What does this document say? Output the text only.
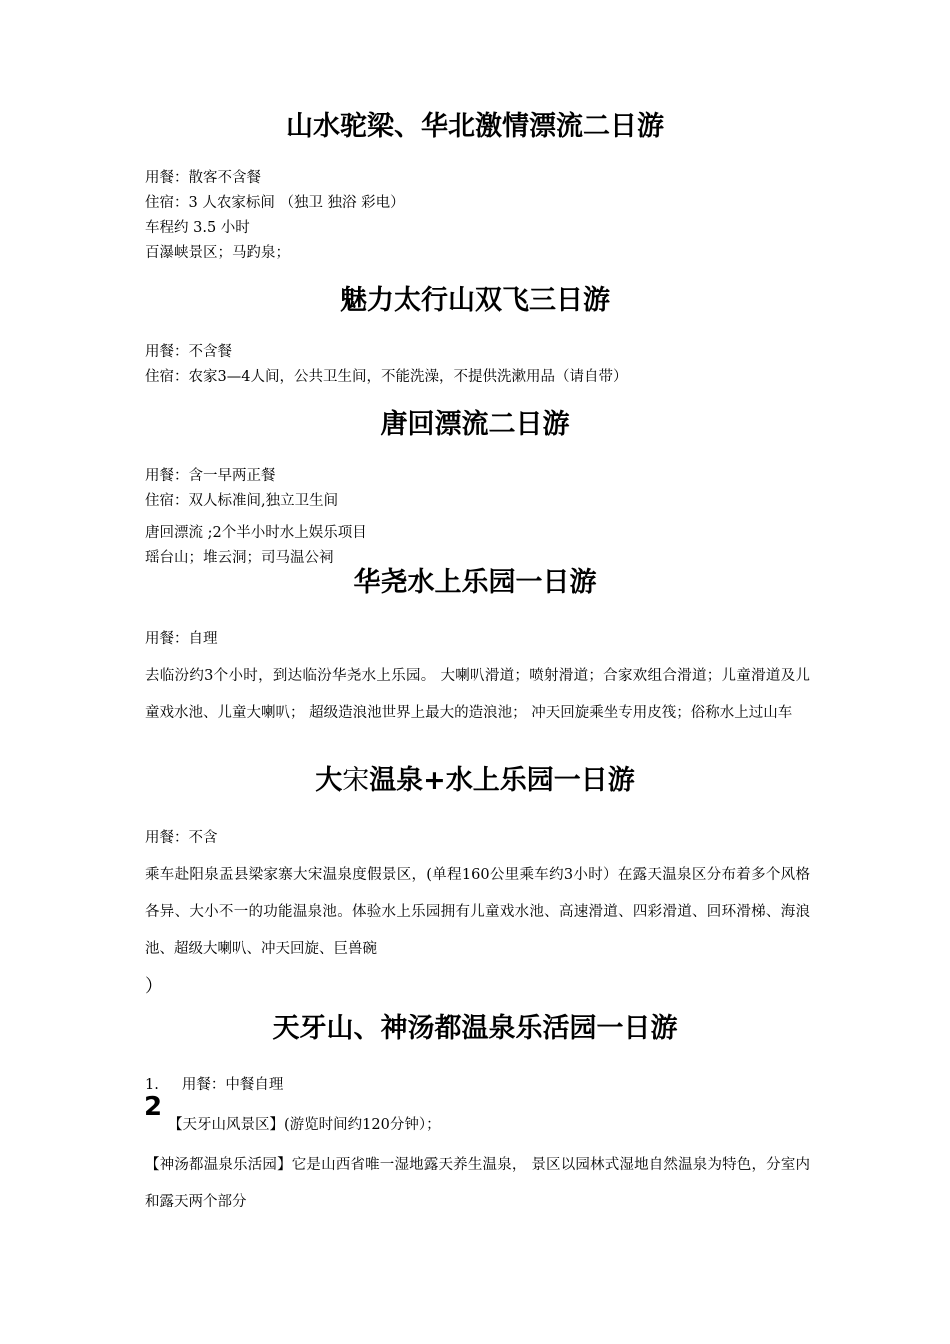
山水驼梁、华北激情漂流二日游
用餐：散客不含餐
住宿：3 人农家标间 （独卫 独浴 彩电）
车程约 3.5 小时
百瀑峡景区；马趵泉；
魅力太行山双飞三日游
用餐：不含餐
住宿：农家3—4人间，公共卫生间，不能洗澡，不提供洗漱用品（请自带）
唐回漂流二日游
用餐：含一早两正餐
住宿：双人标准间,独立卫生间
唐回漂流 ;2个半小时水上娱乐项目
瑶台山；堆云洞；司马温公祠
华尧水上乐园一日游
用餐：自理

去临汾约3个小时，到达临汾华尧水上乐园。 大喇叭滑道；喷射滑道；合家欢组合滑道；儿童滑道及儿童戏水池、儿童大喇叭； 超级造浪池世界上最大的造浪池； 冲天回旋乘坐专用皮筏；俗称水上过山车

大宋温泉+水上乐园一日游
用餐：不含

乘车赴阳泉盂县梁家寨大宋温泉度假景区，(单程160公里乘车约3小时）在露天温泉区分布着多个风格各异、大小不一的功能温泉池。体验水上乐园拥有儿童戏水池、高速滑道、四彩滑道、回环滑梯、海浪池、超级大喇叭、冲天回旋、巨兽碗

）
天牙山、神汤都温泉乐活园一日游
1.     用餐：中餐自理
2
【天牙山风景区】(游览时间约120分钟）；

【神汤都温泉乐活园】它是山西省唯一湿地露天养生温泉， 景区以园林式湿地自然温泉为特色，分室内和露天两个部分
